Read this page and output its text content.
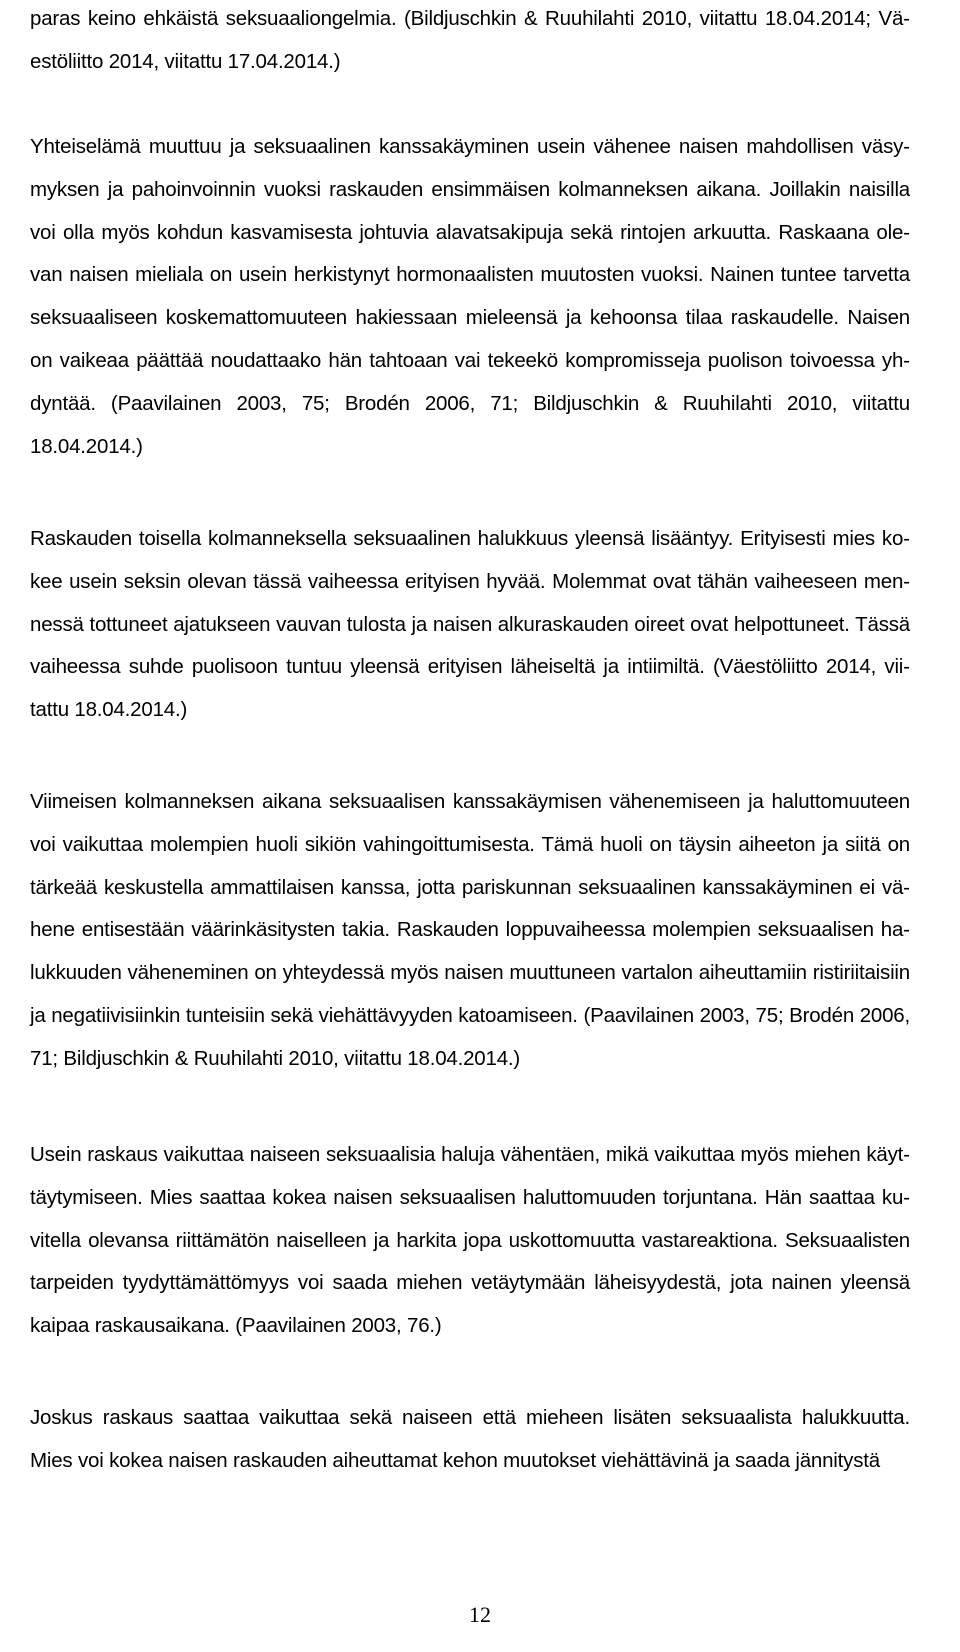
paras keino ehkäistä seksuaaliongelmia. (Bildjuschkin & Ruuhilahti 2010, viitattu 18.04.2014; Väestöliitto 2014, viitattu 17.04.2014.)

Yhteiselämä muuttuu ja seksuaalinen kanssakäyminen usein vähenee naisen mahdollisen väsymyksen ja pahoinvoinnin vuoksi raskauden ensimmäisen kolmanneksen aikana. Joillakin naisilla voi olla myös kohdun kasvamisesta johtuvia alavatsakipuja sekä rintojen arkuutta. Raskaana olevan naisen mieliala on usein herkistynyt hormonaalisten muutosten vuoksi. Nainen tuntee tarvetta seksuaaliseen koskemattomuuteen hakiessaan mieleensä ja kehoonsa tilaa raskaudelle. Naisen on vaikeaa päättää noudattaako hän tahtoaan vai tekeekö kompromisseja puolison toivoessa yhdyntää. (Paavilainen 2003, 75; Brodén 2006, 71; Bildjuschkin & Ruuhilahti 2010, viitattu 18.04.2014.)

Raskauden toisella kolmanneksella seksuaalinen halukkuus yleensä lisääntyy. Erityisesti mies kokee usein seksin olevan tässä vaiheessa erityisen hyvää. Molemmat ovat tähän vaiheeseen mennessä tottuneet ajatukseen vauvan tulosta ja naisen alkuraskauden oireet ovat helpottuneet. Tässä vaiheessa suhde puolisoon tuntuu yleensä erityisen läheiseltä ja intiimiltä. (Väestöliitto 2014, viitattu 18.04.2014.)

Viimeisen kolmanneksen aikana seksuaalisen kanssakäymisen vähenemiseen ja haluttomuuteen voi vaikuttaa molempien huoli sikiön vahingoittumisesta. Tämä huoli on täysin aiheeton ja siitä on tärkeää keskustella ammattilaisen kanssa, jotta pariskunnan seksuaalinen kanssakäyminen ei vähene entisestään väärinkäsitysten takia. Raskauden loppuvaiheessa molempien seksuaalisen halukkuuden väheneminen on yhteydessä myös naisen muuttuneen vartalon aiheuttamiin ristiriitaisiin ja negatiivisiinkin tunteisiin sekä viehättävyyden katoamiseen. (Paavilainen 2003, 75; Brodén 2006, 71; Bildjuschkin & Ruuhilahti 2010, viitattu 18.04.2014.)

Usein raskaus vaikuttaa naiseen seksuaalisia haluja vähentäen, mikä vaikuttaa myös miehen käyttäytymiseen. Mies saattaa kokea naisen seksuaalisen haluttomuuden torjuntana. Hän saattaa kuvitella olevansa riittämätön naiselleen ja harkita jopa uskottomuutta vastareaktiona. Seksuaalisten tarpeiden tyydyttämättömyys voi saada miehen vetäytymään läheisyydestä, jota nainen yleensä kaipaa raskausaikana. (Paavilainen 2003, 76.)

Joskus raskaus saattaa vaikuttaa sekä naiseen että mieheen lisäten seksuaalista halukkuutta. Mies voi kokea naisen raskauden aiheuttamat kehon muutokset viehättävinä ja saada jännitystä

12
